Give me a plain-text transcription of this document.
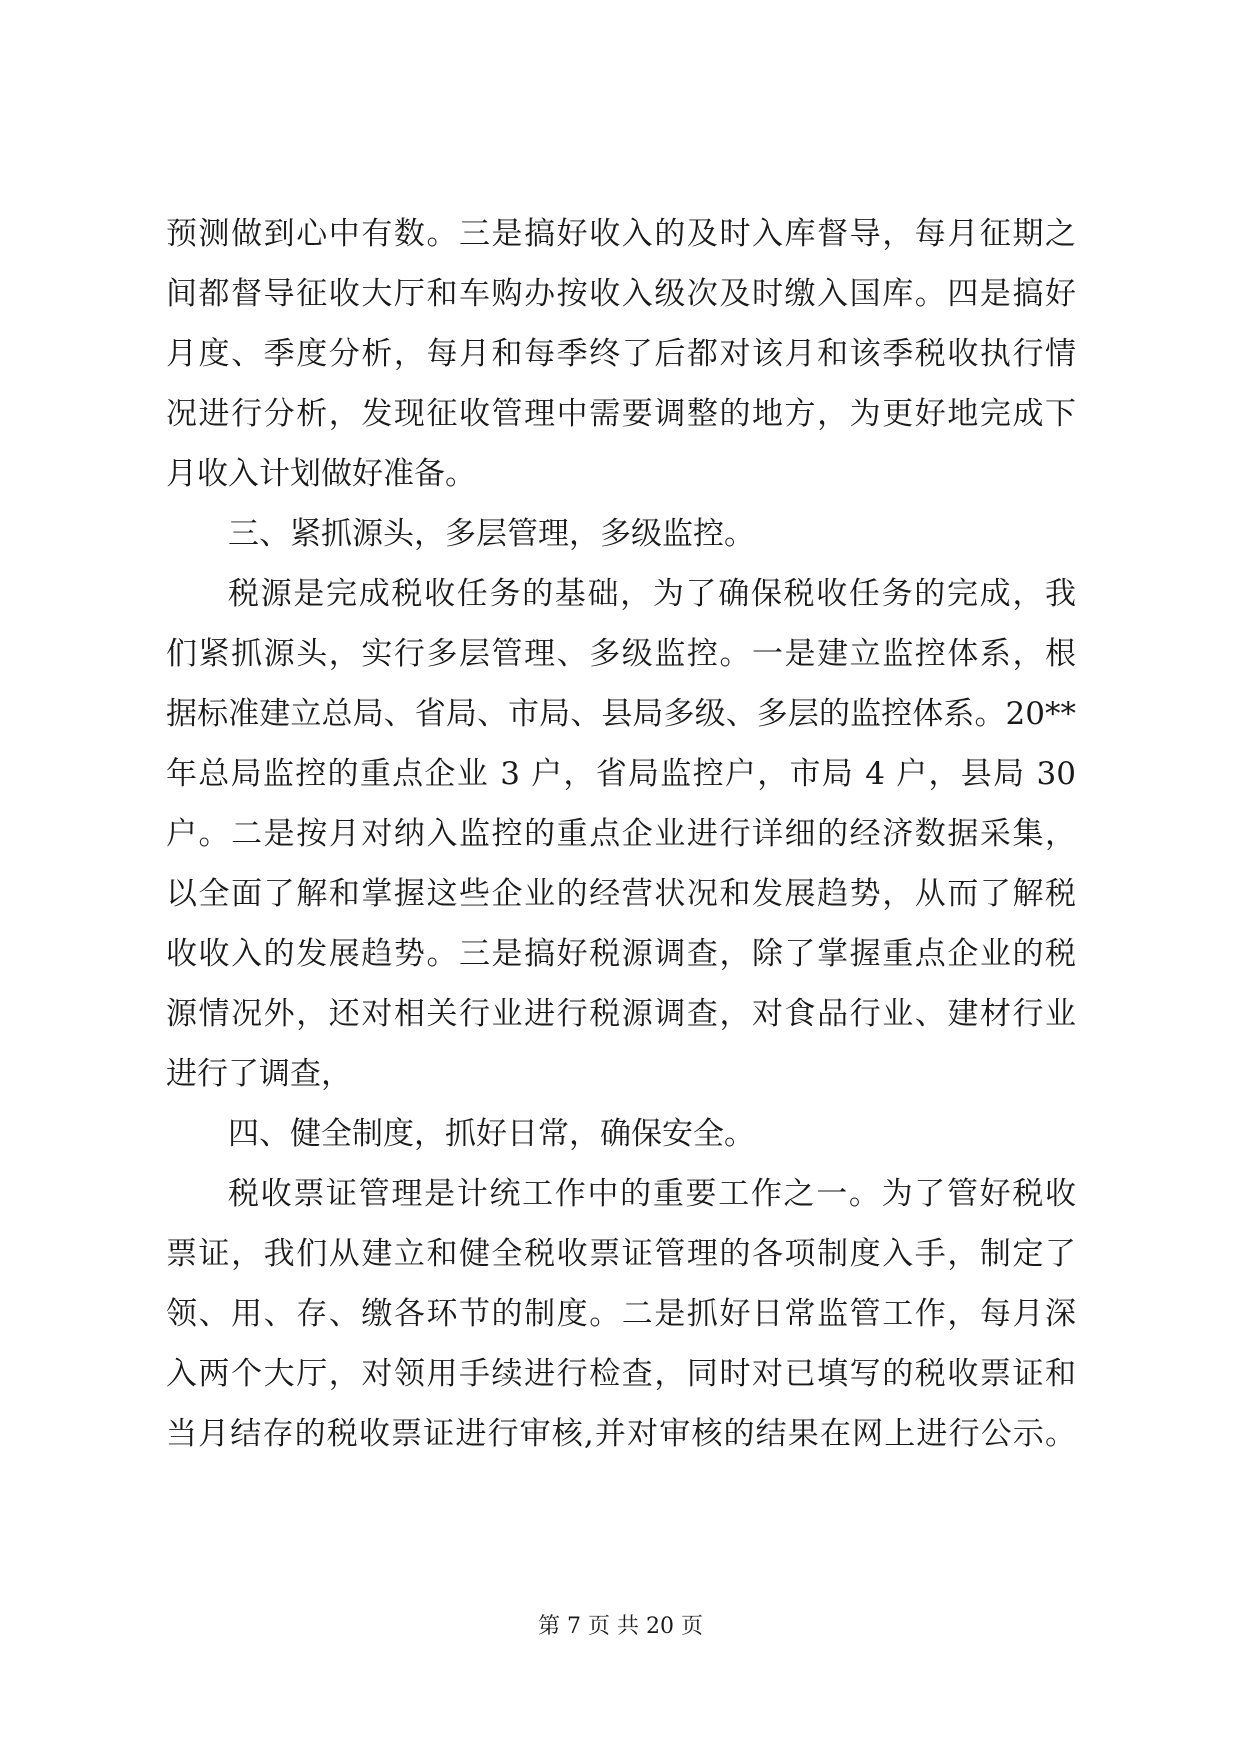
预测做到心中有数。三是搞好收入的及时入库督导，每月征期之
间都督导征收大厅和车购办按收入级次及时缴入国库。四是搞好
月度、季度分析，每月和每季终了后都对该月和该季税收执行情
况进行分析，发现征收管理中需要调整的地方，为更好地完成下
月收入计划做好准备。
三、紧抓源头，多层管理，多级监控。
税源是完成税收任务的基础，为了确保税收任务的完成，我
们紧抓源头，实行多层管理、多级监控。一是建立监控体系，根
据标准建立总局、省局、市局、县局多级、多层的监控体系。20**
年总局监控的重点企业 3 户，省局监控户，市局 4 户，县局 30
户。二是按月对纳入监控的重点企业进行详细的经济数据采集，
以全面了解和掌握这些企业的经营状况和发展趋势，从而了解税
收收入的发展趋势。三是搞好税源调查，除了掌握重点企业的税
源情况外，还对相关行业进行税源调查，对食品行业、建材行业
进行了调查，
四、健全制度，抓好日常，确保安全。
税收票证管理是计统工作中的重要工作之一。为了管好税收
票证，我们从建立和健全税收票证管理的各项制度入手，制定了
领、用、存、缴各环节的制度。二是抓好日常监管工作，每月深
入两个大厅，对领用手续进行检查，同时对已填写的税收票证和
当月结存的税收票证进行审核,并对审核的结果在网上进行公示。
第 7 页 共 20 页
